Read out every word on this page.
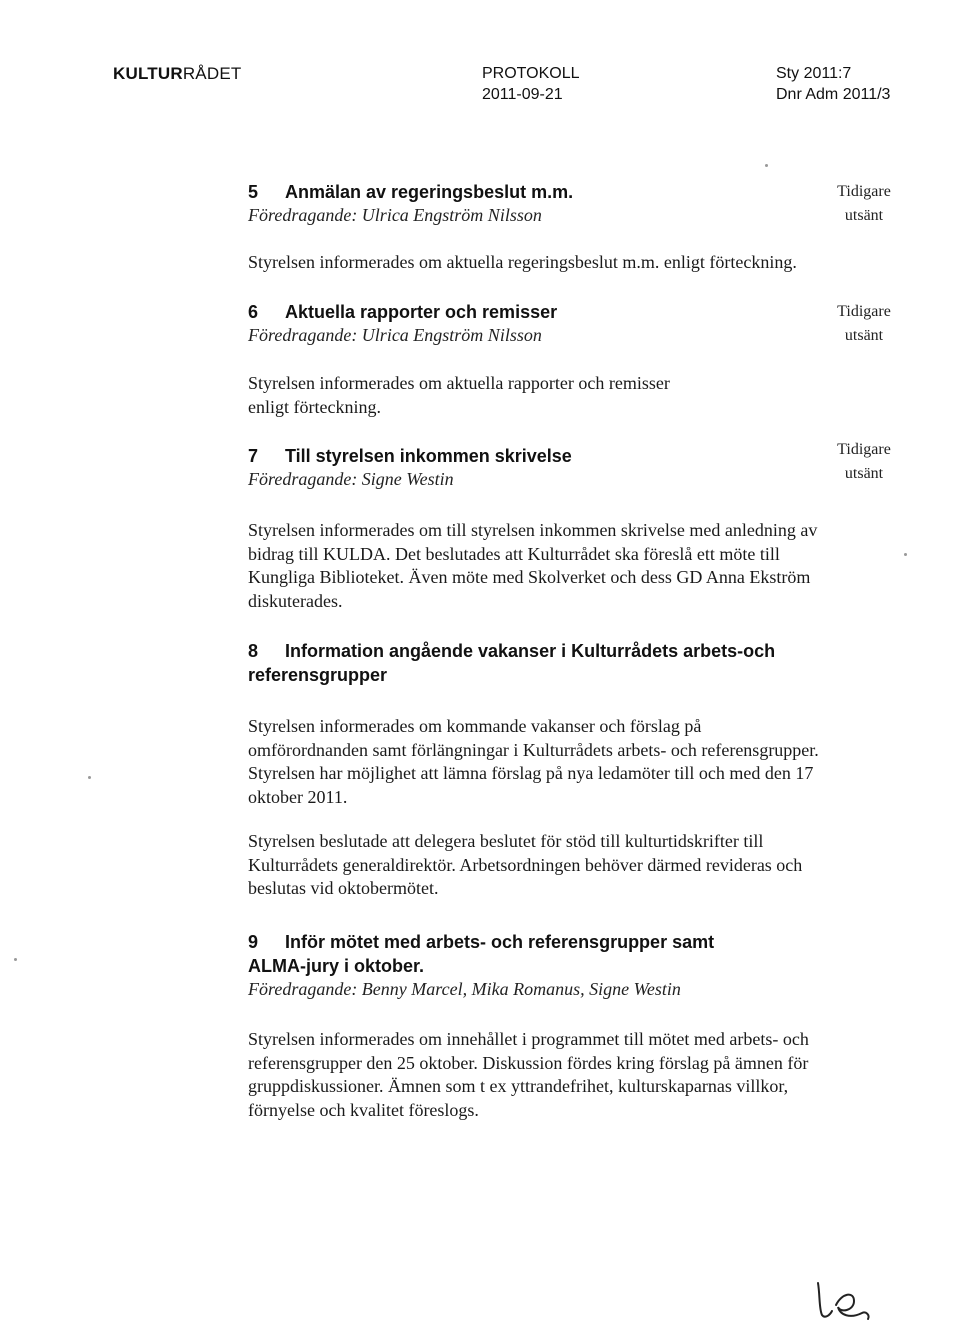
KULTURRÅDET	PROTOKOLL
2011-09-21
Sty 2011:7
Dnr Adm 2011/3
5 Anmälan av regeringsbeslut m.m.
Föredragande: Ulrica Engström Nilsson
Tidigare
utsänt

Styrelsen informerades om aktuella regeringsbeslut m.m. enligt förteckning.

6 Aktuella rapporter och remisser
Föredragande: Ulrica Engström Nilsson
Tidigare
utsänt

Styrelsen informerades om aktuella rapporter och remisser
enligt förteckning.

7 Till styrelsen inkommen skrivelse
Föredragande: Signe Westin
Tidigare
utsänt

Styrelsen informerades om till styrelsen inkommen skrivelse med anledning av
bidrag till KULDA. Det beslutades att Kulturrådet ska föreslå ett möte till
Kungliga Biblioteket. Även möte med Skolverket och dess GD Anna Ekström
diskuterades.

8 Information angående vakanser i Kulturrådets arbets-och
referensgrupper

Styrelsen informerades om kommande vakanser och förslag på
omförordnanden samt förlängningar i Kulturrådets arbets- och referensgrupper.
Styrelsen har möjlighet att lämna förslag på nya ledamöter till och med den 17
oktober 2011.

Styrelsen beslutade att delegera beslutet för stöd till kulturtidskrifter till
Kulturrådets generaldirektör. Arbetsordningen behöver därmed revideras och
beslutas vid oktobermötet.

9 Inför mötet med arbets- och referensgrupper samt
ALMA-jury i oktober.
Föredragande: Benny Marcel, Mika Romanus, Signe Westin

Styrelsen informerades om innehållet i programmet till mötet med arbets- och
referensgrupper den 25 oktober. Diskussion fördes kring förslag på ämnen för
gruppdiskussioner. Ämnen som t ex yttrandefrihet, kulturskaparnas villkor,
förnyelse och kvalitet föreslogs.
